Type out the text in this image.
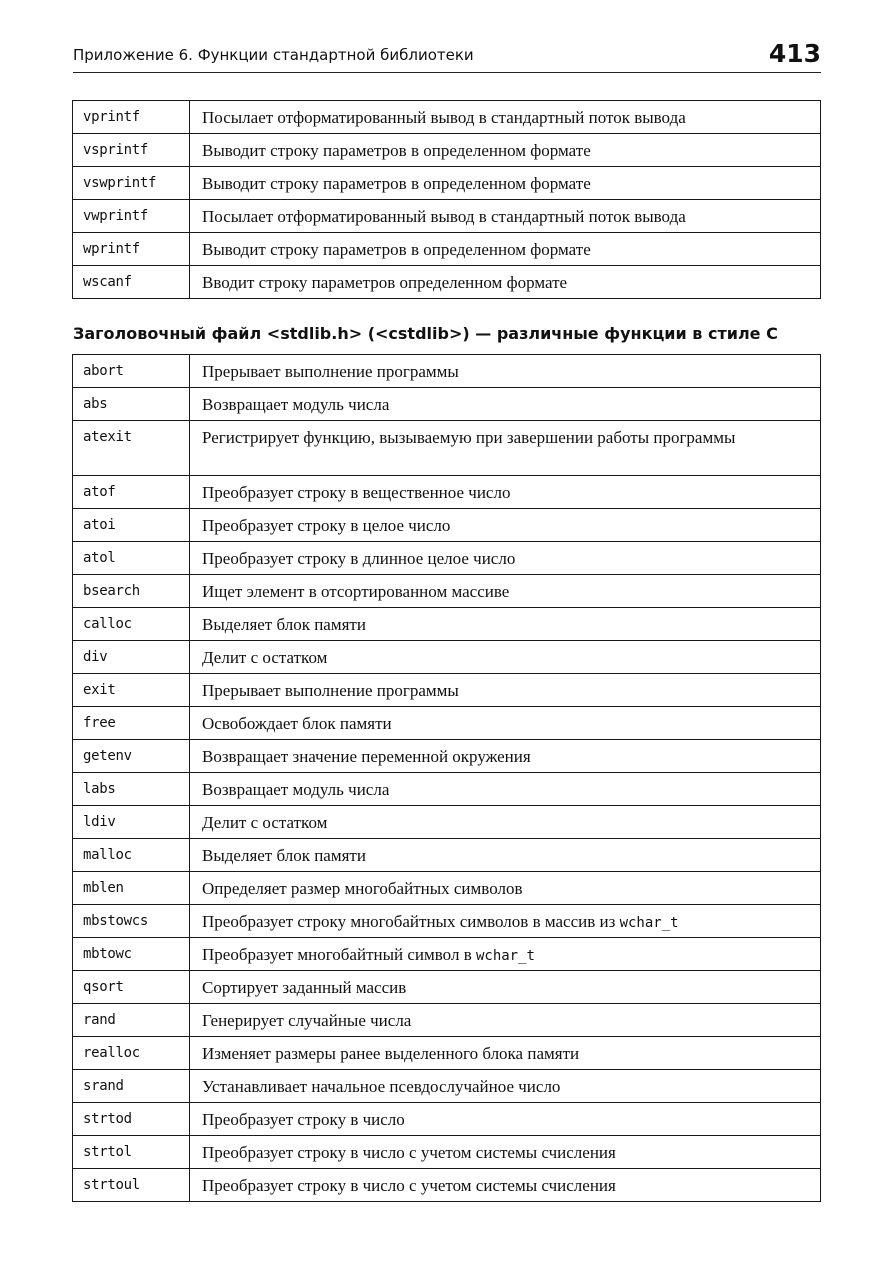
Приложение 6. Функции стандартной библиотеки	413
vprintf	Посылает отформатированный вывод в стандартный поток вывода

vsprintf	Выводит строку параметров в определенном формате

vswprintf	Выводит строку параметров в определенном формате

vwprintf	Посылает отформатированный вывод в стандартный поток вывода

wprintf	Выводит строку параметров в определенном формате

wscanf	Вводит строку параметров определенном формате
Заголовочный файл <stdlib.h> (<cstdlib>) — различные функции в стиле С
abort	Прерывает выполнение программы

abs	Возвращает модуль числа

atexit	Регистрирует функцию, вызываемую при завершении работы программы

atof	Преобразует строку в вещественное число

atoi	Преобразует строку в целое число

atol	Преобразует строку в длинное целое число

bsearch	Ищет элемент в отсортированном массиве

calloc	Выделяет блок памяти

div	Делит с остатком

exit	Прерывает выполнение программы

free	Освобождает блок памяти

getenv	Возвращает значение переменной окружения

labs	Возвращает модуль числа

ldiv	Делит с остатком

malloc	Выделяет блок памяти

mblen	Определяет размер многобайтных символов

mbstowcs	Преобразует строку многобайтных символов в массив из wchar_t

mbtowc	Преобразует многобайтный символ в wchar_t

qsort	Сортирует заданный массив

rand	Генерирует случайные числа

realloc	Изменяет размеры ранее выделенного блока памяти

srand	Устанавливает начальное псевдослучайное число

strtod	Преобразует строку в число

strtol	Преобразует строку в число с учетом системы счисления

strtoul	Преобразует строку в число с учетом системы счисления
